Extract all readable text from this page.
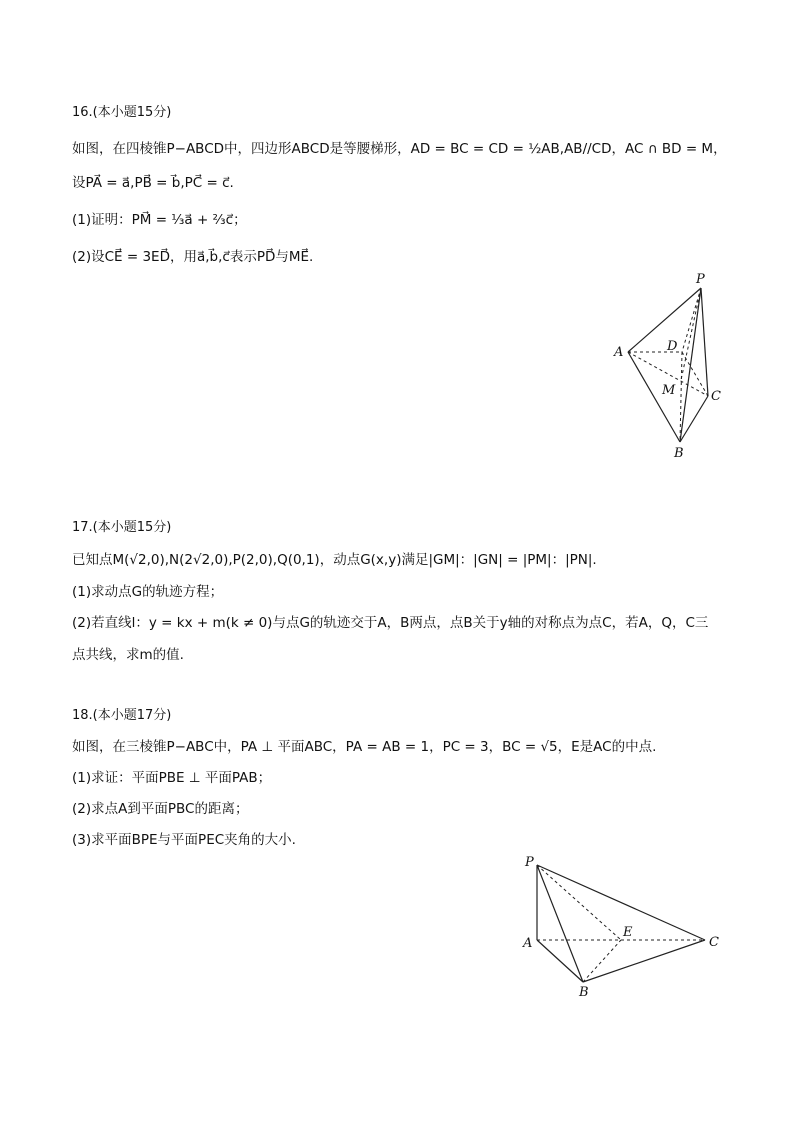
16.(本小题15分)
如图，在四棱锥P−ABCD中，四边形ABCD是等腰梯形，AD = BC = CD = ½AB,AB//CD，AC ∩ BD = M，
设PA⃗ = a⃗,PB⃗ = b⃗,PC⃗ = c⃗.
(1)证明：PM⃗ = ⅓a⃗ + ⅔c⃗；
(2)设CE⃗ = 3ED⃗，用a⃗,b⃗,c⃗表示PD⃗与ME⃗.
P
A	D
M	C
B
17.(本小题15分)
已知点M(√2,0),N(2√2,0),P(2,0),Q(0,1)，动点G(x,y)满足|GM|：|GN| = |PM|：|PN|.
(1)求动点G的轨迹方程；
(2)若直线l：y = kx + m(k ≠ 0)与点G的轨迹交于A，B两点，点B关于y轴的对称点为点C，若A，Q，C三
点共线，求m的值.
18.(本小题17分)
如图，在三棱锥P−ABC中，PA ⊥ 平面ABC，PA = AB = 1，PC = 3，BC = √5，E是AC的中点.
(1)求证：平面PBE ⊥ 平面PAB；
(2)求点A到平面PBC的距离；
(3)求平面BPE与平面PEC夹角的大小.
P
A
E
C
B
